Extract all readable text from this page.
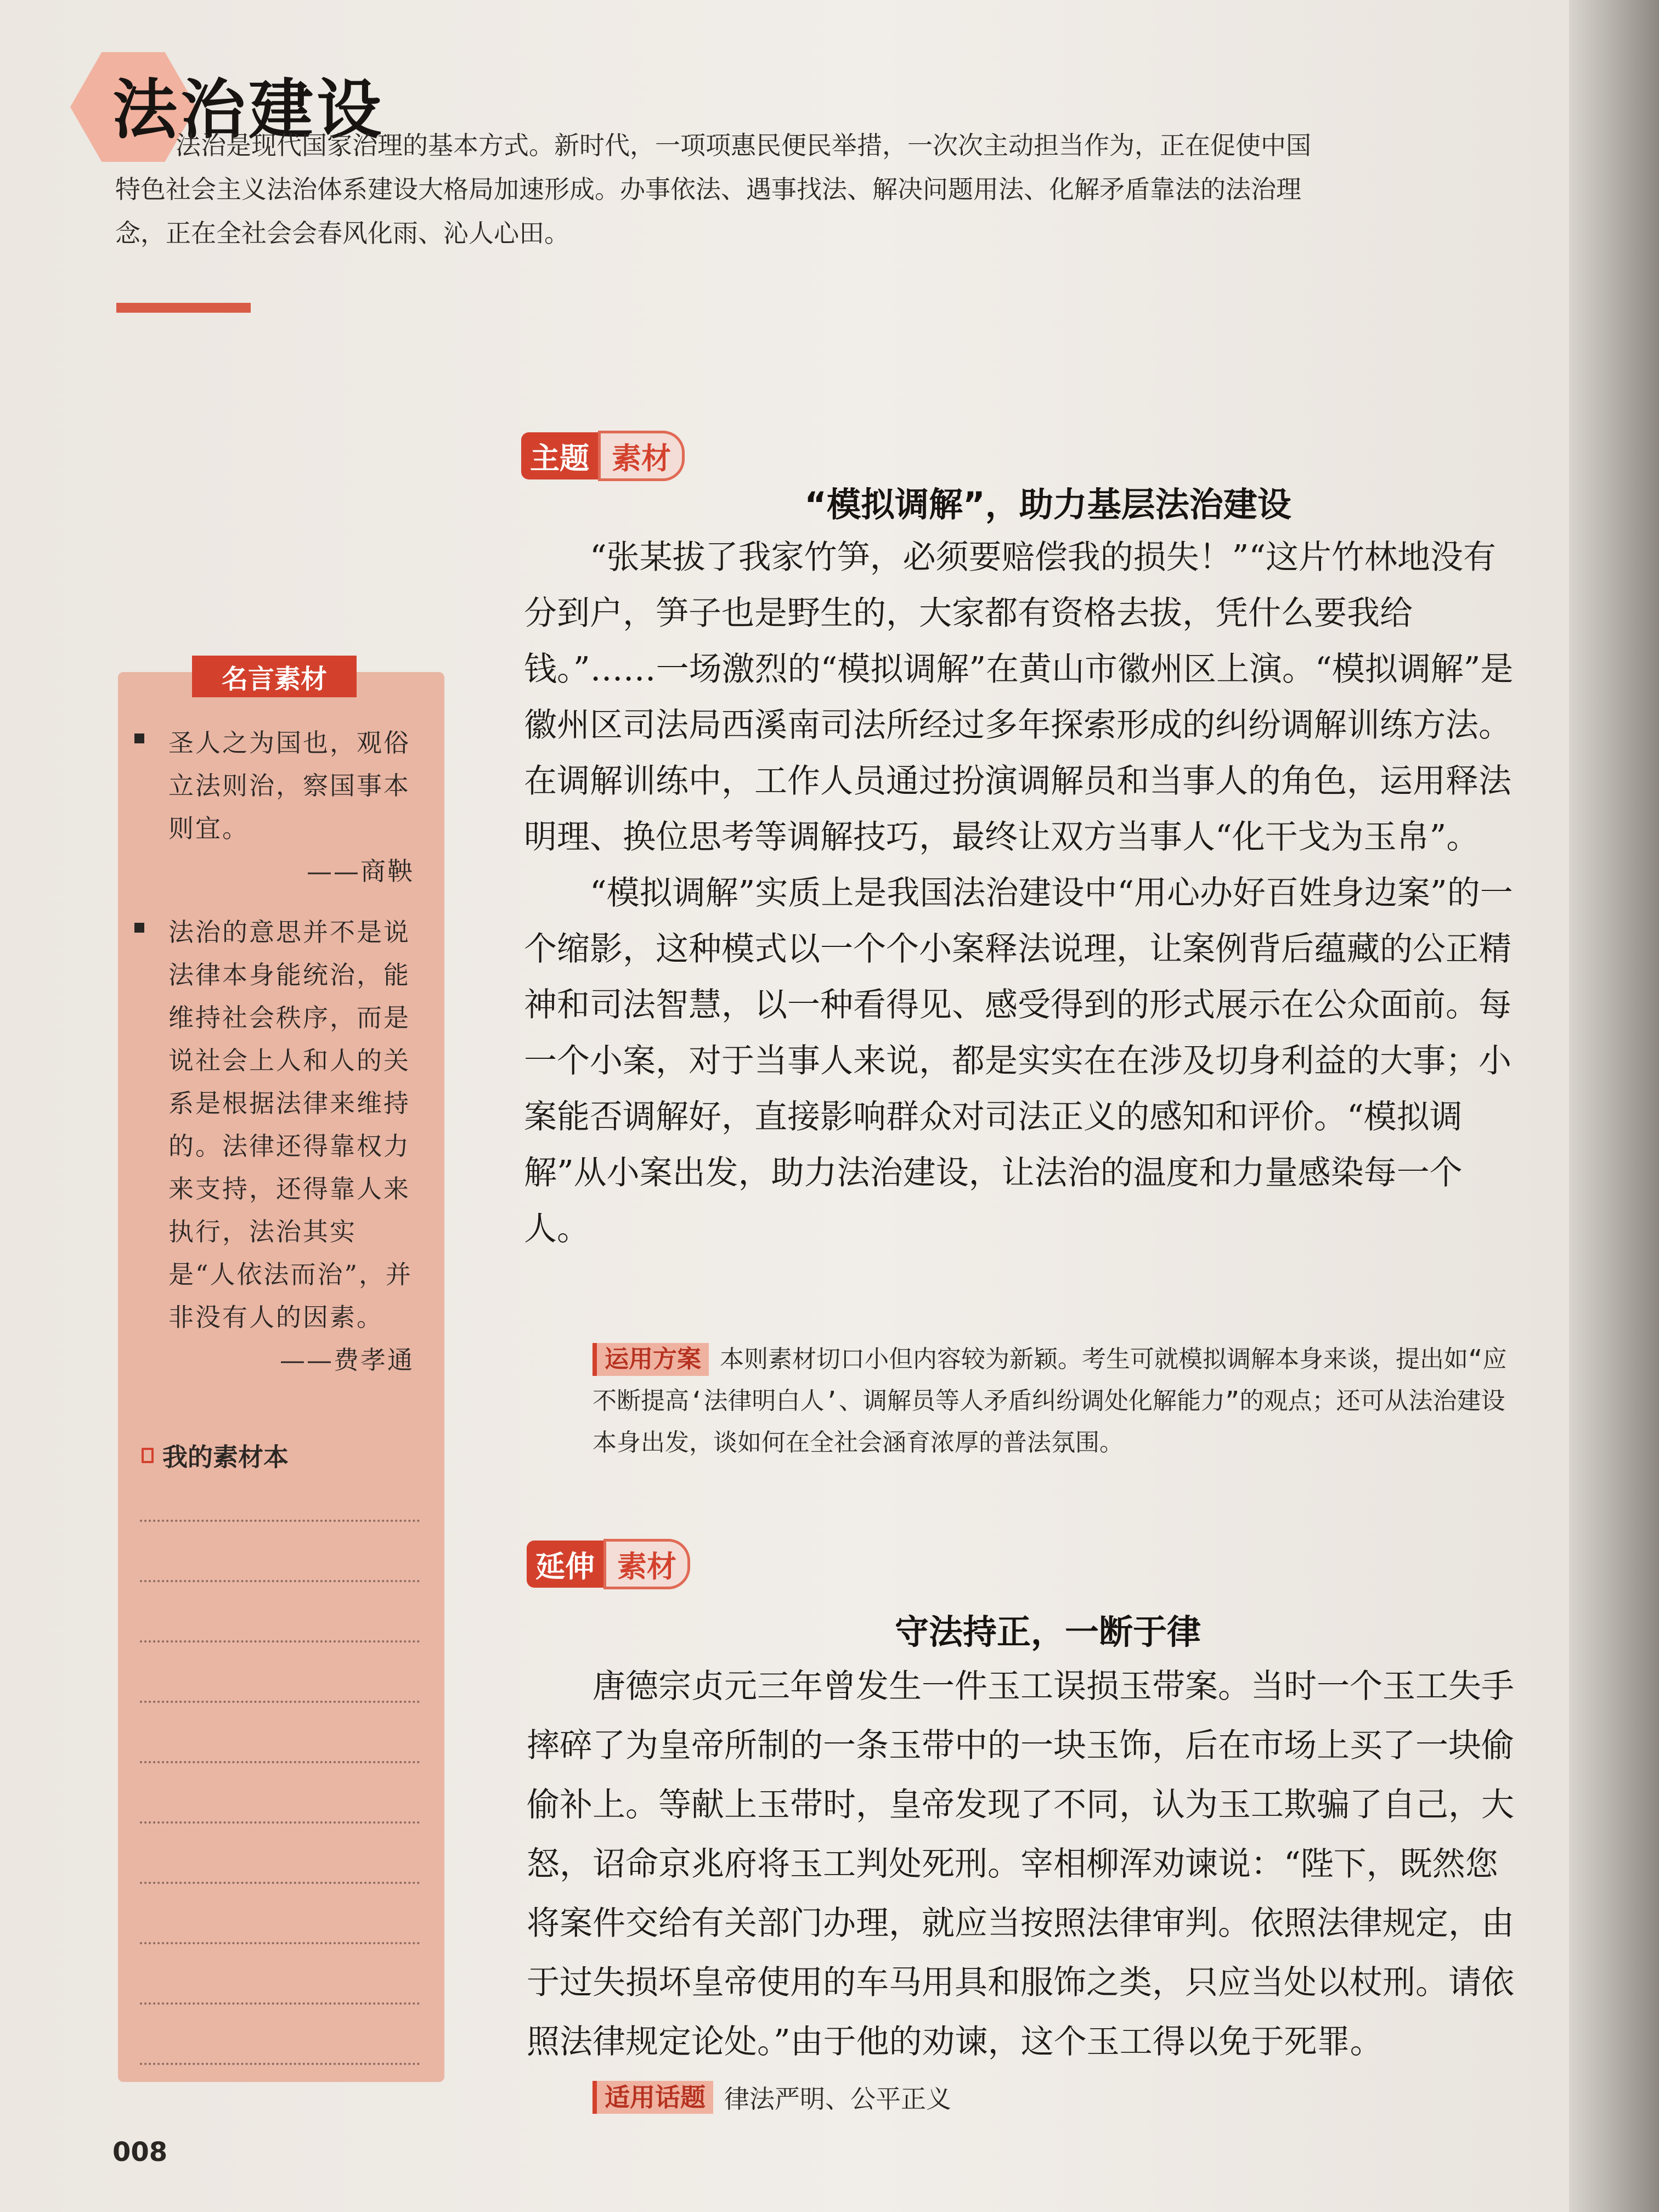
法治建设
法治是现代国家治理的基本方式。新时代，一项项惠民便民举措，一次次主动担当作为，正在促使中国特色社会主义法治体系建设大格局加速形成。办事依法、遇事找法、解决问题用法、化解矛盾靠法的法治理念，正在全社会会春风化雨、沁人心田。
主题 素材
“模拟调解”，助力基层法治建设

“张某拔了我家竹笋，必须要赔偿我的损失！”“这片竹林地没有分到户，笋子也是野生的，大家都有资格去拔，凭什么要我给钱。”……一场激烈的“模拟调解”在黄山市徽州区上演。“模拟调解”是徽州区司法局西溪南司法所经过多年探索形成的纠纷调解训练方法。在调解训练中，工作人员通过扮演调解员和当事人的角色，运用释法明理、换位思考等调解技巧，最终让双方当事人“化干戈为玉帛”。

“模拟调解”实质上是我国法治建设中“用心办好百姓身边案”的一个缩影，这种模式以一个个小案释法说理，让案例背后蕴藏的公正精神和司法智慧，以一种看得见、感受得到的形式展示在公众面前。每一个小案，对于当事人来说，都是实实在在涉及切身利益的大事；小案能否调解好，直接影响群众对司法正义的感知和评价。“模拟调解”从小案出发，助力法治建设，让法治的温度和力量感染每一个人。

运用方案 本则素材切口小但内容较为新颖。考生可就模拟调解本身来谈，提出如“应不断提高‘法律明白人’、调解员等人矛盾纠纷调处化解能力”的观点；还可从法治建设本身出发，谈如何在全社会涵育浓厚的普法氛围。
延伸 素材
守法持正，一断于律

唐德宗贞元三年曾发生一件玉工误损玉带案。当时一个玉工失手摔碎了为皇帝所制的一条玉带中的一块玉饰，后在市场上买了一块偷偷补上。等献上玉带时，皇帝发现了不同，认为玉工欺骗了自己，大怒，诏命京兆府将玉工判处死刑。宰相柳浑劝谏说：“陛下，既然您将案件交给有关部门办理，就应当按照法律审判。依照法律规定，由于过失损坏皇帝使用的车马用具和服饰之类，只应当处以杖刑。请依照法律规定论处。”由于他的劝谏，这个玉工得以免于死罪。

适用话题 律法严明、公平正义
名言素材
圣人之为国也，观俗立法则治，察国事本则宜。
——商鞅
法治的意思并不是说法律本身能统治，能维持社会秩序，而是说社会上人和人的关系是根据法律来维持的。法律还得靠权力来支持，还得靠人来执行，法治其实是“人依法而治”，并非没有人的因素。
——费孝通
我的素材本
008
